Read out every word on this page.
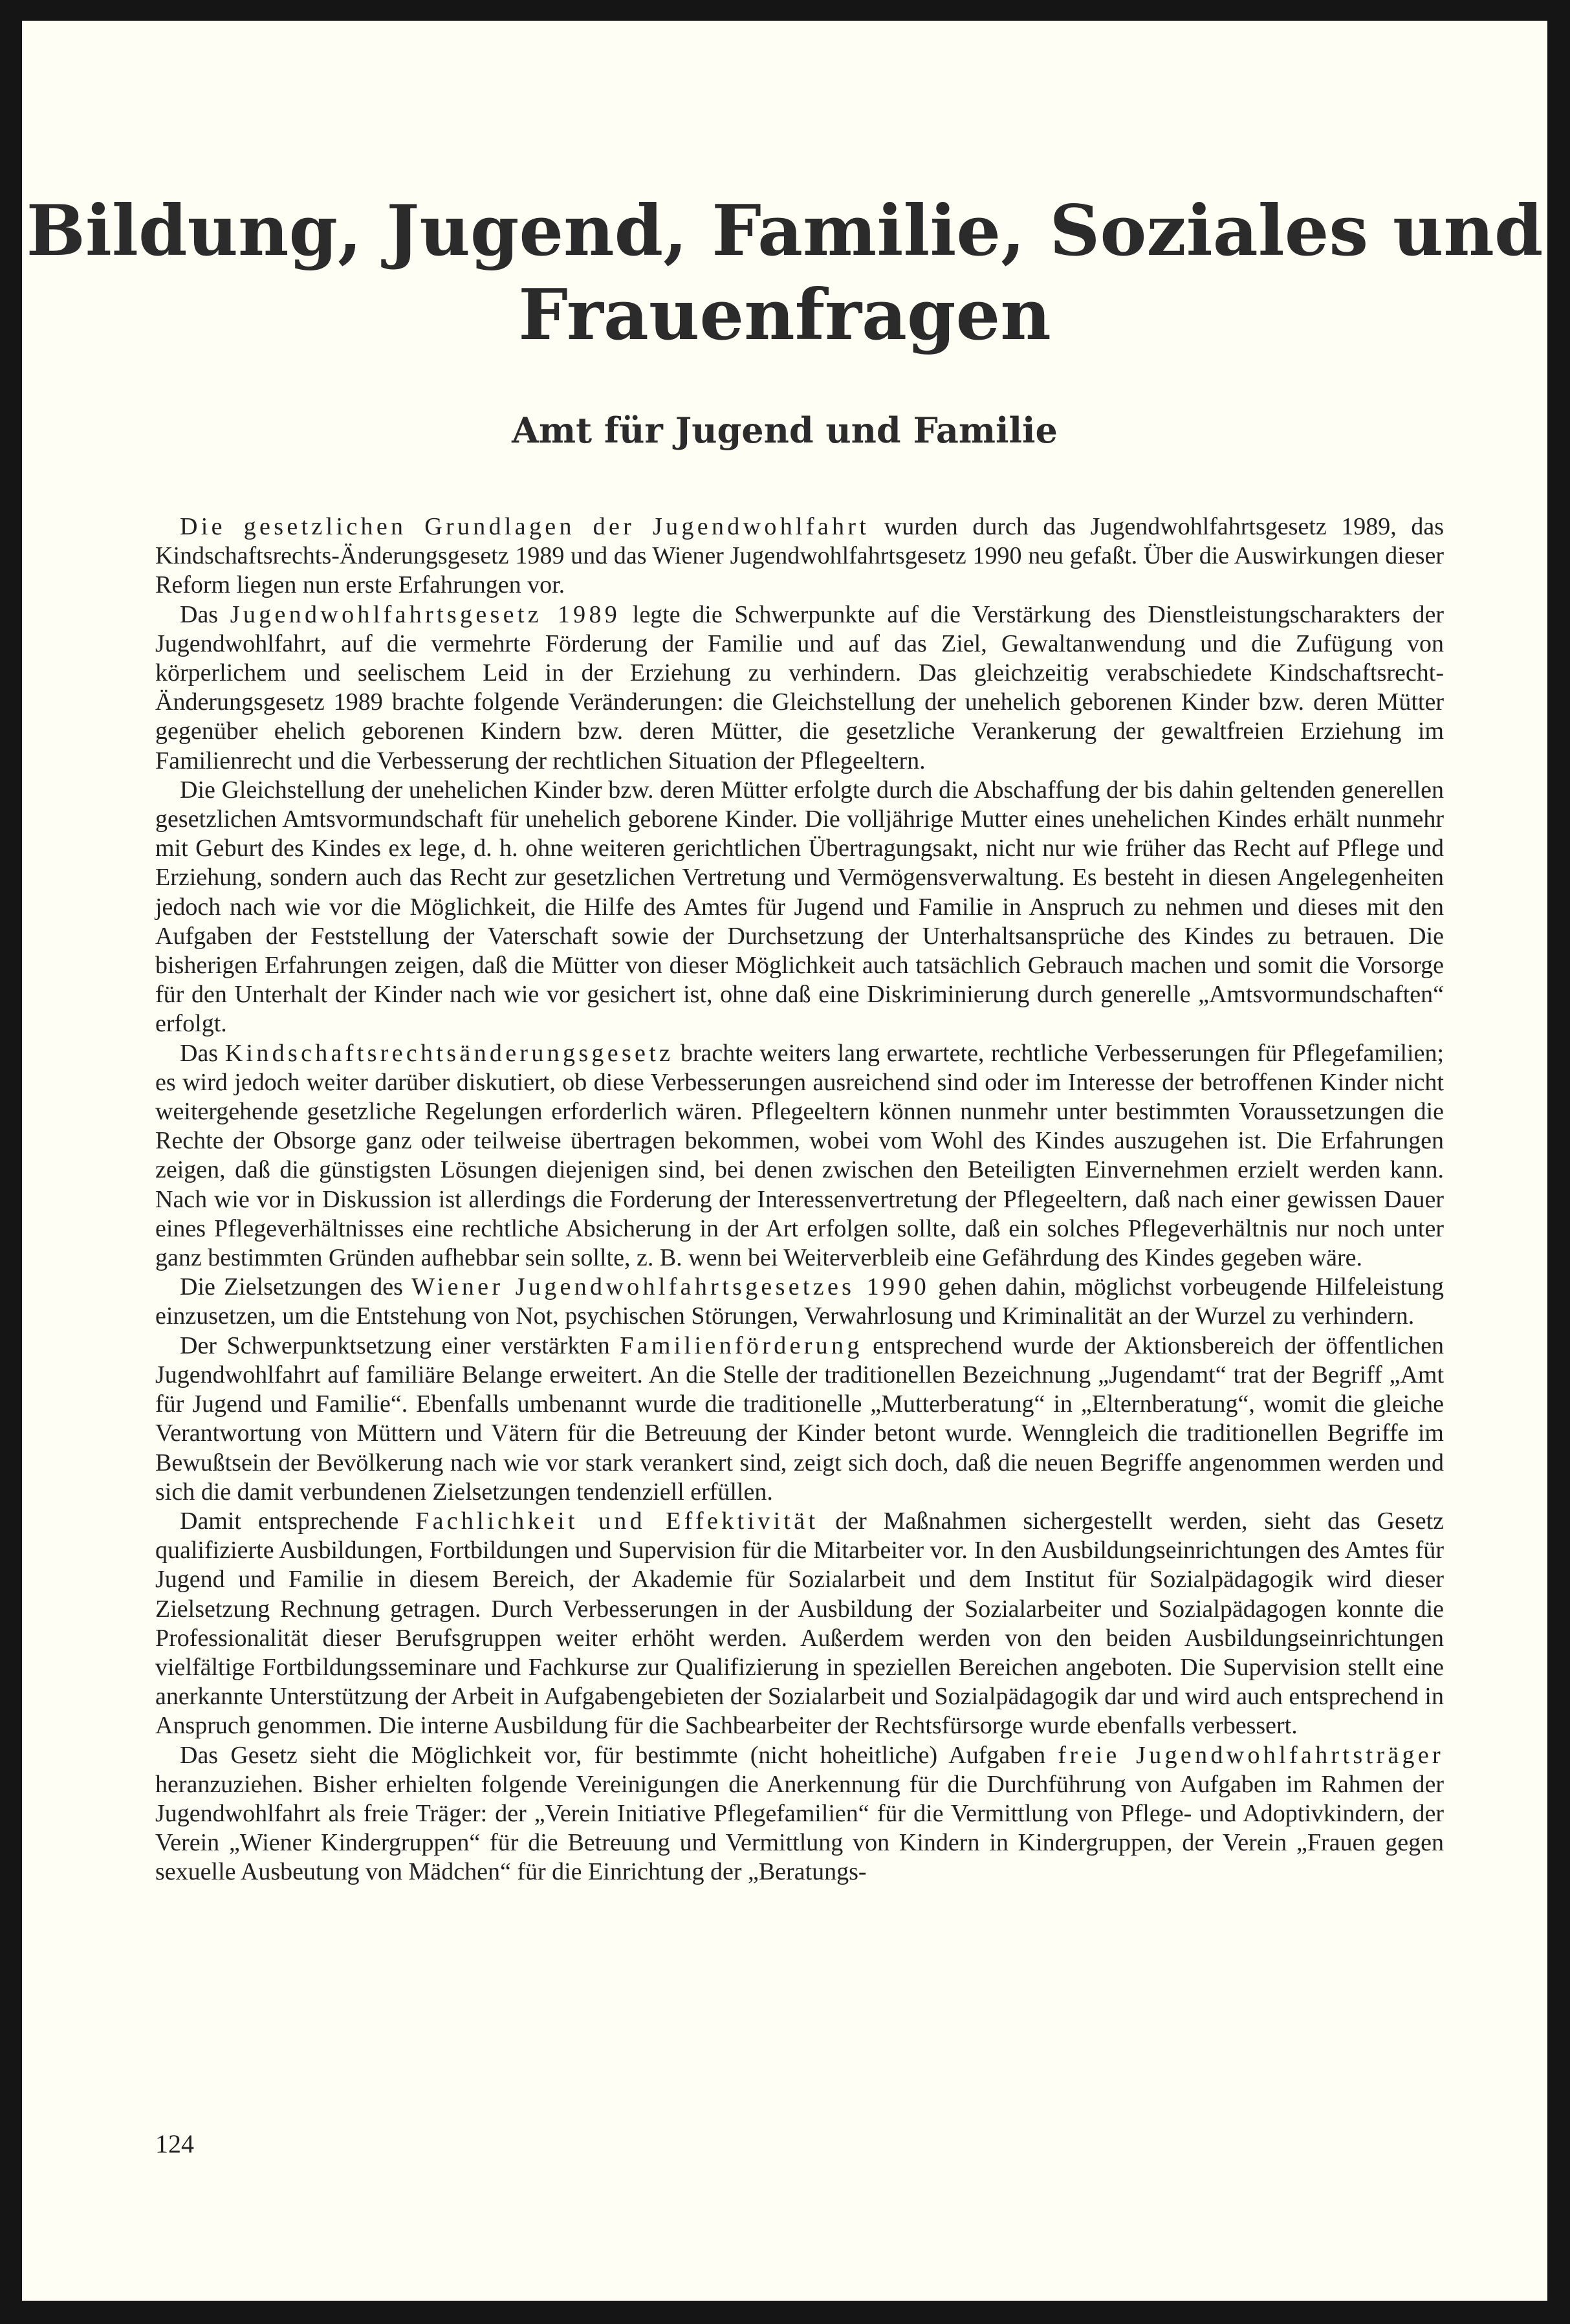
Bildung, Jugend, Familie, Soziales und Frauenfragen
Amt für Jugend und Familie

Die gesetzlichen Grundlagen der Jugendwohlfahrt wurden durch das Jugendwohlfahrtsgesetz 1989, das Kindschaftsrechts-Änderungsgesetz 1989 und das Wiener Jugendwohlfahrtsgesetz 1990 neu gefaßt. Über die Auswirkungen dieser Reform liegen nun erste Erfahrungen vor.

Das Jugendwohlfahrtsgesetz 1989 legte die Schwerpunkte auf die Verstärkung des Dienstleistungscharakters der Jugendwohlfahrt, auf die vermehrte Förderung der Familie und auf das Ziel, Gewaltanwendung und die Zufügung von körperlichem und seelischem Leid in der Erziehung zu verhindern. Das gleichzeitig verabschiedete Kindschaftsrecht-Änderungsgesetz 1989 brachte folgende Veränderungen: die Gleichstellung der unehelich geborenen Kinder bzw. deren Mütter gegenüber ehelich geborenen Kindern bzw. deren Mütter, die gesetzliche Verankerung der gewaltfreien Erziehung im Familienrecht und die Verbesserung der rechtlichen Situation der Pflegeeltern.

Die Gleichstellung der unehelichen Kinder bzw. deren Mütter erfolgte durch die Abschaffung der bis dahin geltenden generellen gesetzlichen Amtsvormundschaft für unehelich geborene Kinder. Die volljährige Mutter eines unehelichen Kindes erhält nunmehr mit Geburt des Kindes ex lege, d. h. ohne weiteren gerichtlichen Übertragungsakt, nicht nur wie früher das Recht auf Pflege und Erziehung, sondern auch das Recht zur gesetzlichen Vertretung und Vermögensverwaltung. Es besteht in diesen Angelegenheiten jedoch nach wie vor die Möglichkeit, die Hilfe des Amtes für Jugend und Familie in Anspruch zu nehmen und dieses mit den Aufgaben der Feststellung der Vaterschaft sowie der Durchsetzung der Unterhaltsansprüche des Kindes zu betrauen. Die bisherigen Erfahrungen zeigen, daß die Mütter von dieser Möglichkeit auch tatsächlich Gebrauch machen und somit die Vorsorge für den Unterhalt der Kinder nach wie vor gesichert ist, ohne daß eine Diskriminierung durch generelle „Amtsvormundschaften“ erfolgt.

Das Kindschaftsrechtsänderungsgesetz brachte weiters lang erwartete, rechtliche Verbesserungen für Pflegefamilien; es wird jedoch weiter darüber diskutiert, ob diese Verbesserungen ausreichend sind oder im Interesse der betroffenen Kinder nicht weitergehende gesetzliche Regelungen erforderlich wären. Pflegeeltern können nunmehr unter bestimmten Voraussetzungen die Rechte der Obsorge ganz oder teilweise übertragen bekommen, wobei vom Wohl des Kindes auszugehen ist. Die Erfahrungen zeigen, daß die günstigsten Lösungen diejenigen sind, bei denen zwischen den Beteiligten Einvernehmen erzielt werden kann. Nach wie vor in Diskussion ist allerdings die Forderung der Interessenvertretung der Pflegeeltern, daß nach einer gewissen Dauer eines Pflegeverhältnisses eine rechtliche Absicherung in der Art erfolgen sollte, daß ein solches Pflegeverhältnis nur noch unter ganz bestimmten Gründen aufhebbar sein sollte, z. B. wenn bei Weiterverbleib eine Gefährdung des Kindes gegeben wäre.

Die Zielsetzungen des Wiener Jugendwohlfahrtsgesetzes 1990 gehen dahin, möglichst vorbeugende Hilfeleistung einzusetzen, um die Entstehung von Not, psychischen Störungen, Verwahrlosung und Kriminalität an der Wurzel zu verhindern.

Der Schwerpunktsetzung einer verstärkten Familienförderung entsprechend wurde der Aktionsbereich der öffentlichen Jugendwohlfahrt auf familiäre Belange erweitert. An die Stelle der traditionellen Bezeichnung „Jugendamt“ trat der Begriff „Amt für Jugend und Familie“. Ebenfalls umbenannt wurde die traditionelle „Mutterberatung“ in „Elternberatung“, womit die gleiche Verantwortung von Müttern und Vätern für die Betreuung der Kinder betont wurde. Wenngleich die traditionellen Begriffe im Bewußtsein der Bevölkerung nach wie vor stark verankert sind, zeigt sich doch, daß die neuen Begriffe angenommen werden und sich die damit verbundenen Zielsetzungen tendenziell erfüllen.

Damit entsprechende Fachlichkeit und Effektivität der Maßnahmen sichergestellt werden, sieht das Gesetz qualifizierte Ausbildungen, Fortbildungen und Supervision für die Mitarbeiter vor. In den Ausbildungseinrichtungen des Amtes für Jugend und Familie in diesem Bereich, der Akademie für Sozialarbeit und dem Institut für Sozialpädagogik wird dieser Zielsetzung Rechnung getragen. Durch Verbesserungen in der Ausbildung der Sozialarbeiter und Sozialpädagogen konnte die Professionalität dieser Berufsgruppen weiter erhöht werden. Außerdem werden von den beiden Ausbildungseinrichtungen vielfältige Fortbildungsseminare und Fachkurse zur Qualifizierung in speziellen Bereichen angeboten. Die Supervision stellt eine anerkannte Unterstützung der Arbeit in Aufgabengebieten der Sozialarbeit und Sozialpädagogik dar und wird auch entsprechend in Anspruch genommen. Die interne Ausbildung für die Sachbearbeiter der Rechtsfürsorge wurde ebenfalls verbessert.

Das Gesetz sieht die Möglichkeit vor, für bestimmte (nicht hoheitliche) Aufgaben freie Jugendwohlfahrtsträger heranzuziehen. Bisher erhielten folgende Vereinigungen die Anerkennung für die Durchführung von Aufgaben im Rahmen der Jugendwohlfahrt als freie Träger: der „Verein Initiative Pflegefamilien“ für die Vermittlung von Pflege- und Adoptivkindern, der Verein „Wiener Kindergruppen“ für die Betreuung und Vermittlung von Kindern in Kindergruppen, der Verein „Frauen gegen sexuelle Ausbeutung von Mädchen“ für die Einrichtung der „Beratungs-

124
